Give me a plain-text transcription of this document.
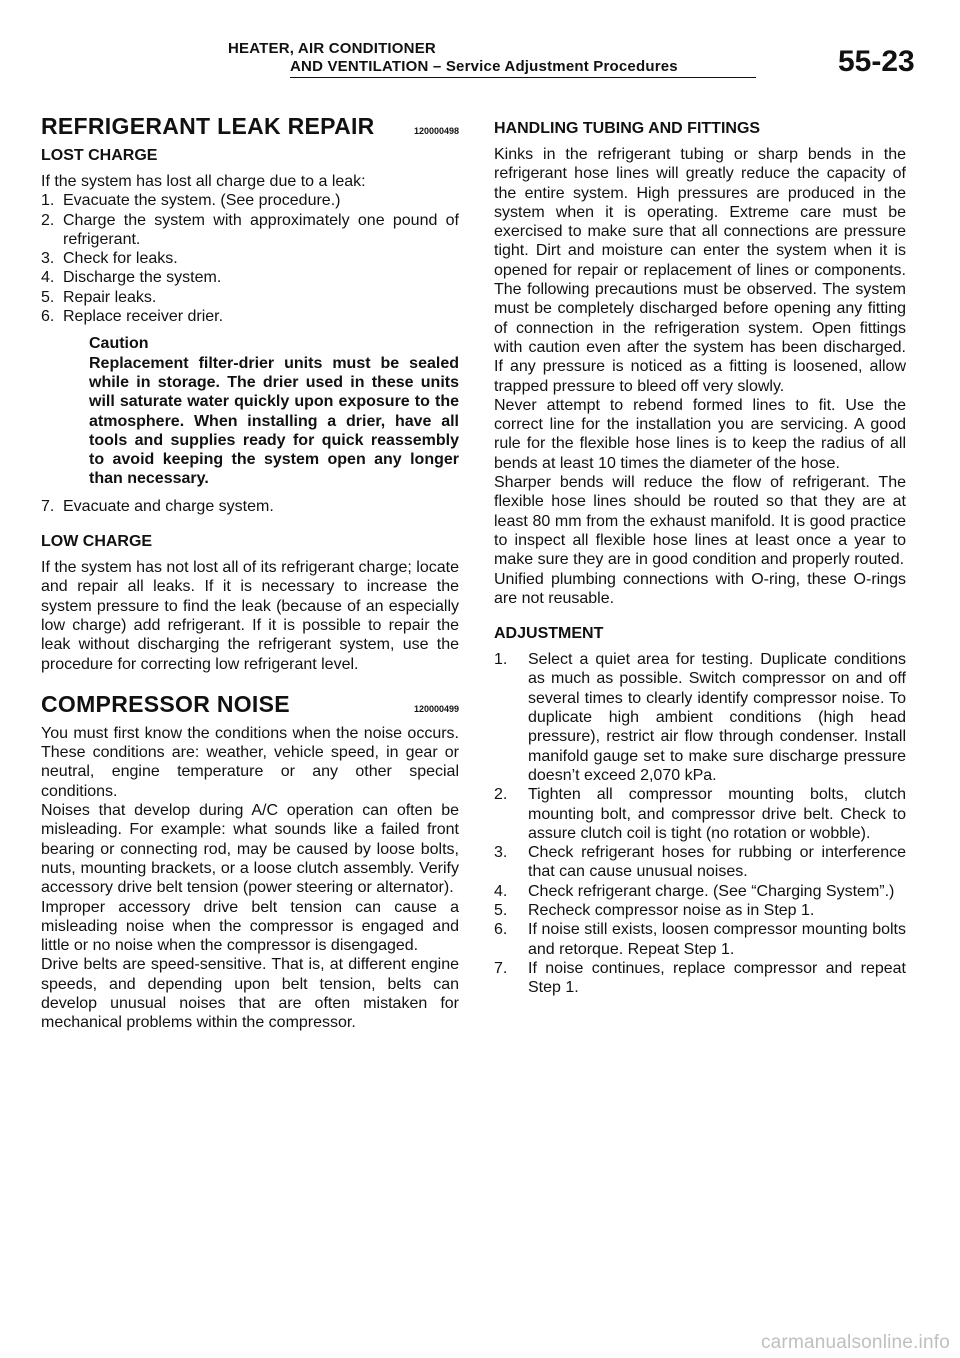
HEATER, AIR CONDITIONER
AND VENTILATION – Service Adjustment Procedures	55-23
REFRIGERANT LEAK REPAIR	120000498
LOST CHARGE

If the system has lost all charge due to a leak:

1. Evacuate the system. (See procedure.)
2. Charge the system with approximately one pound of refrigerant.
3. Check for leaks.
4. Discharge the system.
5. Repair leaks.
6. Replace receiver drier.
Caution
Replacement filter-drier units must be sealed while in storage. The drier used in these units will saturate water quickly upon exposure to the atmosphere. When installing a drier, have all tools and supplies ready for quick reassembly to avoid keeping the system open any longer than necessary.
7. Evacuate and charge system.
LOW CHARGE

If the system has not lost all of its refrigerant charge; locate and repair all leaks. If it is necessary to increase the system pressure to find the leak (because of an especially low charge) add refrigerant. If it is possible to repair the leak without discharging the refrigerant system, use the procedure for correcting low refrigerant level.

COMPRESSOR NOISE	120000499

You must first know the conditions when the noise occurs. These conditions are: weather, vehicle speed, in gear or neutral, engine temperature or any other special conditions.

Noises that develop during A/C operation can often be misleading. For example: what sounds like a failed front bearing or connecting rod, may be caused by loose bolts, nuts, mounting brackets, or a loose clutch assembly. Verify accessory drive belt tension (power steering or alternator).

Improper accessory drive belt tension can cause a misleading noise when the compressor is engaged and little or no noise when the compressor is disengaged.

Drive belts are speed-sensitive. That is, at different engine speeds, and depending upon belt tension, belts can develop unusual noises that are often mistaken for mechanical problems within the compressor.

HANDLING TUBING AND FITTINGS

Kinks in the refrigerant tubing or sharp bends in the refrigerant hose lines will greatly reduce the capacity of the entire system. High pressures are produced in the system when it is operating. Extreme care must be exercised to make sure that all connections are pressure tight. Dirt and moisture can enter the system when it is opened for repair or replacement of lines or components. The following precautions must be observed. The system must be completely discharged before opening any fitting of connection in the refrigeration system. Open fittings with caution even after the system has been discharged. If any pressure is noticed as a fitting is loosened, allow trapped pressure to bleed off very slowly.

Never attempt to rebend formed lines to fit. Use the correct line for the installation you are servicing. A good rule for the flexible hose lines is to keep the radius of all bends at least 10 times the diameter of the hose.

Sharper bends will reduce the flow of refrigerant. The flexible hose lines should be routed so that they are at least 80 mm from the exhaust manifold. It is good practice to inspect all flexible hose lines at least once a year to make sure they are in good condition and properly routed.

Unified plumbing connections with O-ring, these O-rings are not reusable.

ADJUSTMENT
1.	Select a quiet area for testing. Duplicate conditions as much as possible. Switch compressor on and off several times to clearly identify compressor noise. To duplicate high ambient conditions (high head pressure), restrict air flow through condenser. Install manifold gauge set to make sure discharge pressure doesn’t exceed 2,070 kPa.
2.	Tighten all compressor mounting bolts, clutch mounting bolt, and compressor drive belt. Check to assure clutch coil is tight (no rotation or wobble).
3.	Check refrigerant hoses for rubbing or interference that can cause unusual noises.
4.	Check refrigerant charge. (See “Charging System”.)
5.	Recheck compressor noise as in Step 1.
6.	If noise still exists, loosen compressor mounting bolts and retorque. Repeat Step 1.
7.	If noise continues, replace compressor and repeat Step 1.
carmanualsonline.info
